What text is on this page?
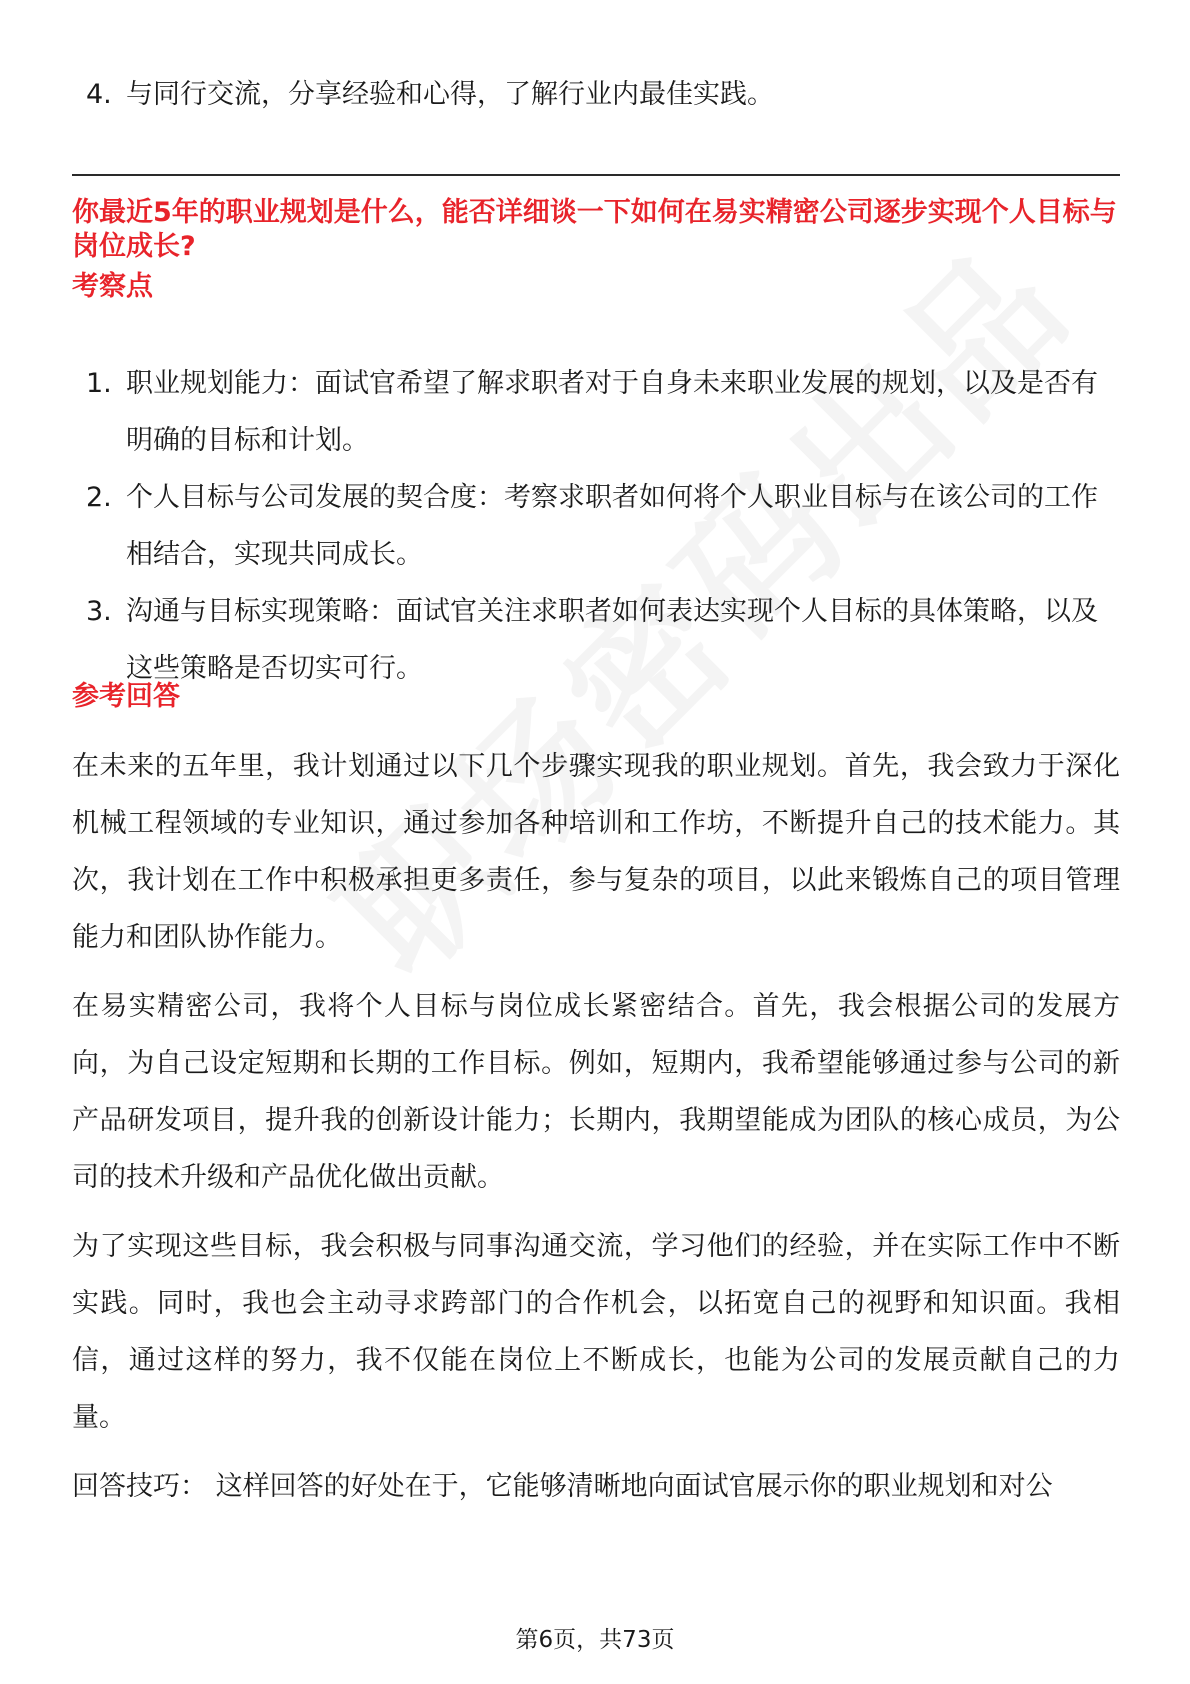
4. 与同行交流，分享经验和心得，了解行业内最佳实践。
你最近5年的职业规划是什么，能否详细谈一下如何在易实精密公司逐步实现个人目标与岗位成长?
考察点
1. 职业规划能力：面试官希望了解求职者对于自身未来职业发展的规划，以及是否有明确的目标和计划。
2. 个人目标与公司发展的契合度：考察求职者如何将个人职业目标与在该公司的工作相结合，实现共同成长。
3. 沟通与目标实现策略：面试官关注求职者如何表达实现个人目标的具体策略，以及这些策略是否切实可行。
参考回答

在未来的五年里，我计划通过以下几个步骤实现我的职业规划。首先，我会致力于深化机械工程领域的专业知识，通过参加各种培训和工作坊，不断提升自己的技术能力。其次，我计划在工作中积极承担更多责任，参与复杂的项目，以此来锻炼自己的项目管理能力和团队协作能力。

在易实精密公司，我将个人目标与岗位成长紧密结合。首先，我会根据公司的发展方向，为自己设定短期和长期的工作目标。例如，短期内，我希望能够通过参与公司的新产品研发项目，提升我的创新设计能力；长期内，我期望能成为团队的核心成员，为公司的技术升级和产品优化做出贡献。

为了实现这些目标，我会积极与同事沟通交流，学习他们的经验，并在实际工作中不断实践。同时，我也会主动寻求跨部门的合作机会，以拓宽自己的视野和知识面。我相信，通过这样的努力，我不仅能在岗位上不断成长，也能为公司的发展贡献自己的力量。

回答技巧： 这样回答的好处在于，它能够清晰地向面试官展示你的职业规划和对公

第6页，共73页
